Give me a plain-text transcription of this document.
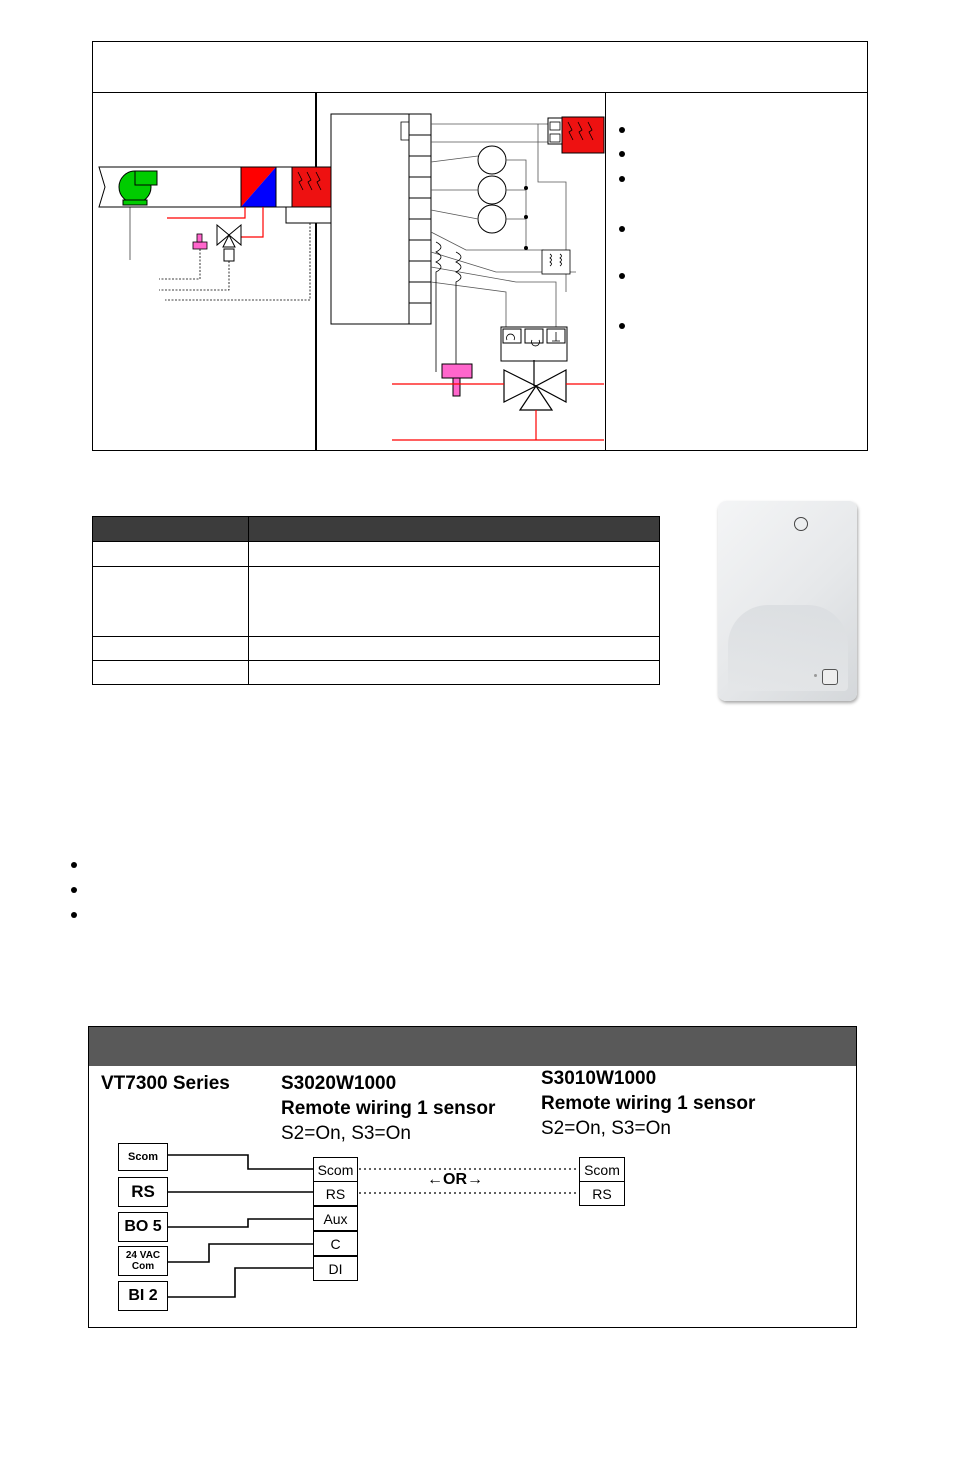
VT7300 Series	S3020W1000
Remote wiring 1 sensor
S2=On, S3=On
S3010W1000
Remote wiring 1 sensor
S2=On, S3=On
Scom
RS
BO 5
24 VAC Com
BI 2
Scom
RS
Aux
C
DI
Scom
RS
←OR→
